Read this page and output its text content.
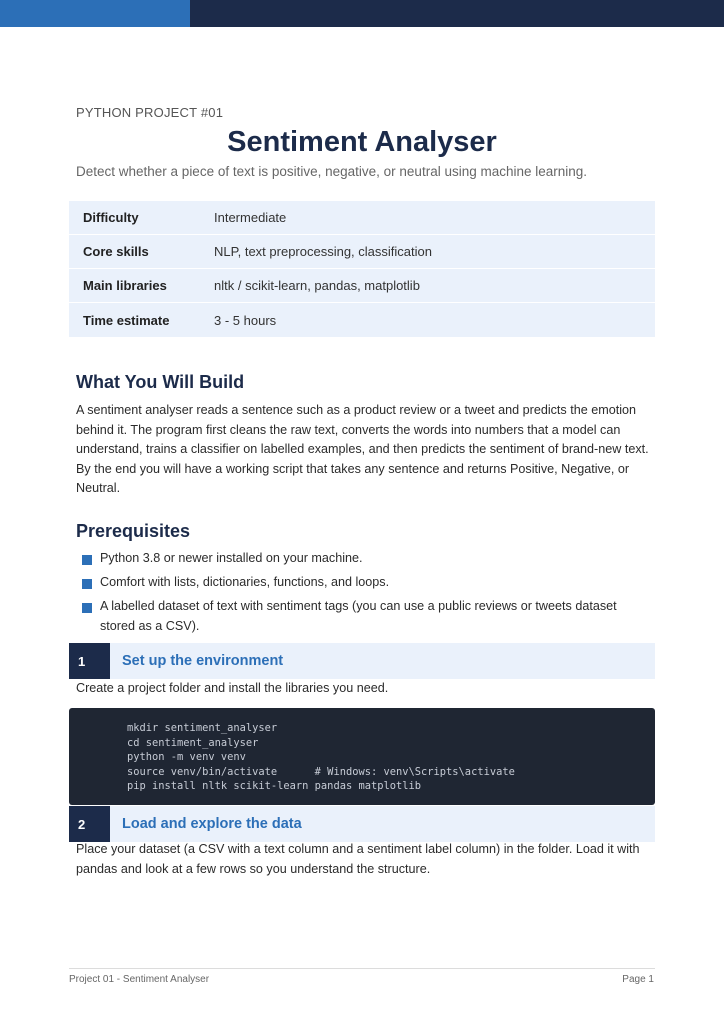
PYTHON PROJECT #01
Sentiment Analyser
Detect whether a piece of text is positive, negative, or neutral using machine learning.
Difficulty	Intermediate
Core skills	NLP, text preprocessing, classification
Main libraries	nltk / scikit-learn, pandas, matplotlib
Time estimate	3 - 5 hours
What You Will Build

A sentiment analyser reads a sentence such as a product review or a tweet and predicts the emotion behind it. The program first cleans the raw text, converts the words into numbers that a model can understand, trains a classifier on labelled examples, and then predicts the sentiment of brand-new text. By the end you will have a working script that takes any sentence and returns Positive, Negative, or Neutral.

Prerequisites
Python 3.8 or newer installed on your machine.
Comfort with lists, dictionaries, functions, and loops.
A labelled dataset of text with sentiment tags (you can use a public reviews or tweets dataset stored as a CSV).
1	Set up the environment

Create a project folder and install the libraries you need.

mkdir sentiment_analyser
cd sentiment_analyser
python -m venv venv
source venv/bin/activate      # Windows: venv\Scripts\activate
pip install nltk scikit-learn pandas matplotlib
2	Load and explore the data

Place your dataset (a CSV with a text column and a sentiment label column) in the folder. Load it with pandas and look at a few rows so you understand the structure.

Project 01 - Sentiment Analyser	Page 1
